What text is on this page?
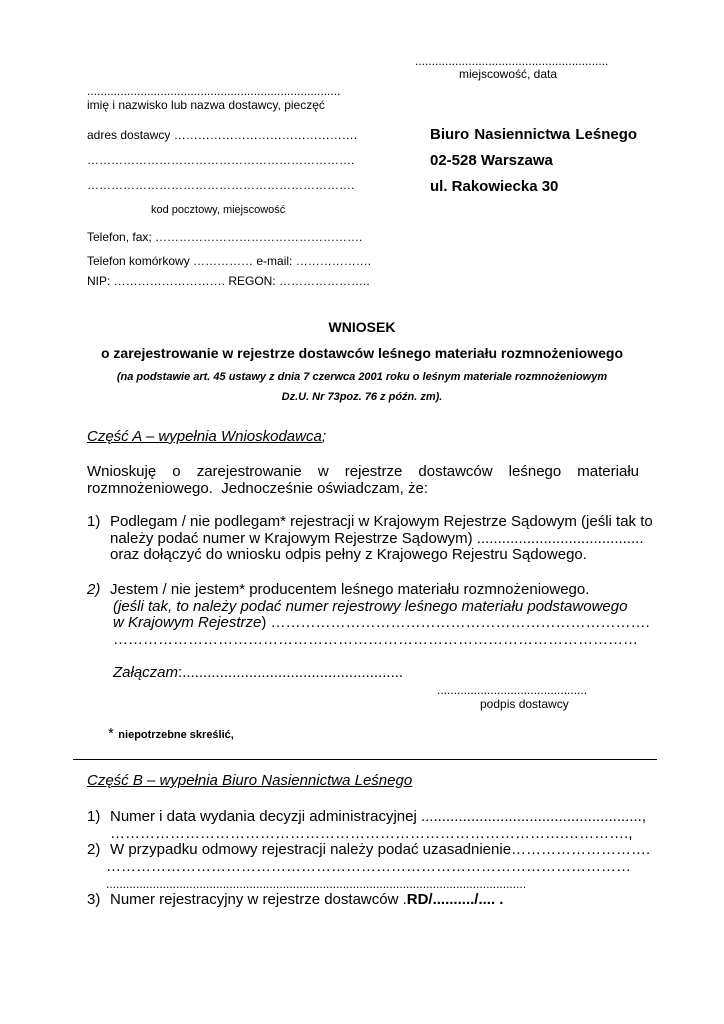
..........................................................
miejscowość, data
............................................................................
imię i nazwisko lub nazwa dostawcy, pieczęć
adres dostawcy ……………………………………….
………………………………………………………….
………………………………………………………….
kod pocztowy, miejscowość
Telefon, fax; …………………………………………….
Telefon komórkowy …………… e-mail: ……………….
NIP: ………………………. REGON: …………………..
Biuro Nasiennictwa Leśnego
02-528 Warszawa
ul. Rakowiecka 30
WNIOSEK
o zarejestrowanie w rejestrze dostawców leśnego materiału rozmnożeniowego
(na podstawie art. 45 ustawy z dnia 7 czerwca 2001 roku o leśnym materiale rozmnożeniowym
Dz.U. Nr 73poz. 76 z późn. zm).
Część A – wypełnia Wnioskodawca;
Wnioskuję  o  zarejestrowanie  w  rejestrze  dostawców  leśnego  materiału
rozmnożeniowego.  Jednocześnie oświadczam, że:
1) Podlegam / nie podlegam* rejestracji w Krajowym Rejestrze Sądowym (jeśli tak to
należy podać numer w Krajowym Rejestrze Sądowym) ........................................
oraz dołączyć do wniosku odpis pełny z Krajowego Rejestru Sądowego.
2) Jestem / nie jestem* producentem leśnego materiału rozmnożeniowego.
(jeśli tak, to należy podać numer rejestrowy leśnego materiału podstawowego
w Krajowym Rejestrze) ………………………………………………………………….
……………………………………………………………………………………………
Załączam:.....................................................
.............................................
podpis dostawcy
* niepotrzebne skreślić,
Część B – wypełnia Biuro Nasiennictwa Leśnego
1) Numer i data wydania decyzji administracyjnej .....................................................,
……………………………………………………………………………….………….,
2) W przypadku odmowy rejestracji należy podać uzasadnienie……………………….
……………………………………………………………………………………………
..............................................................................................................................
3) Numer rejestracyjny w rejestrze dostawców .RD/........../.... .
